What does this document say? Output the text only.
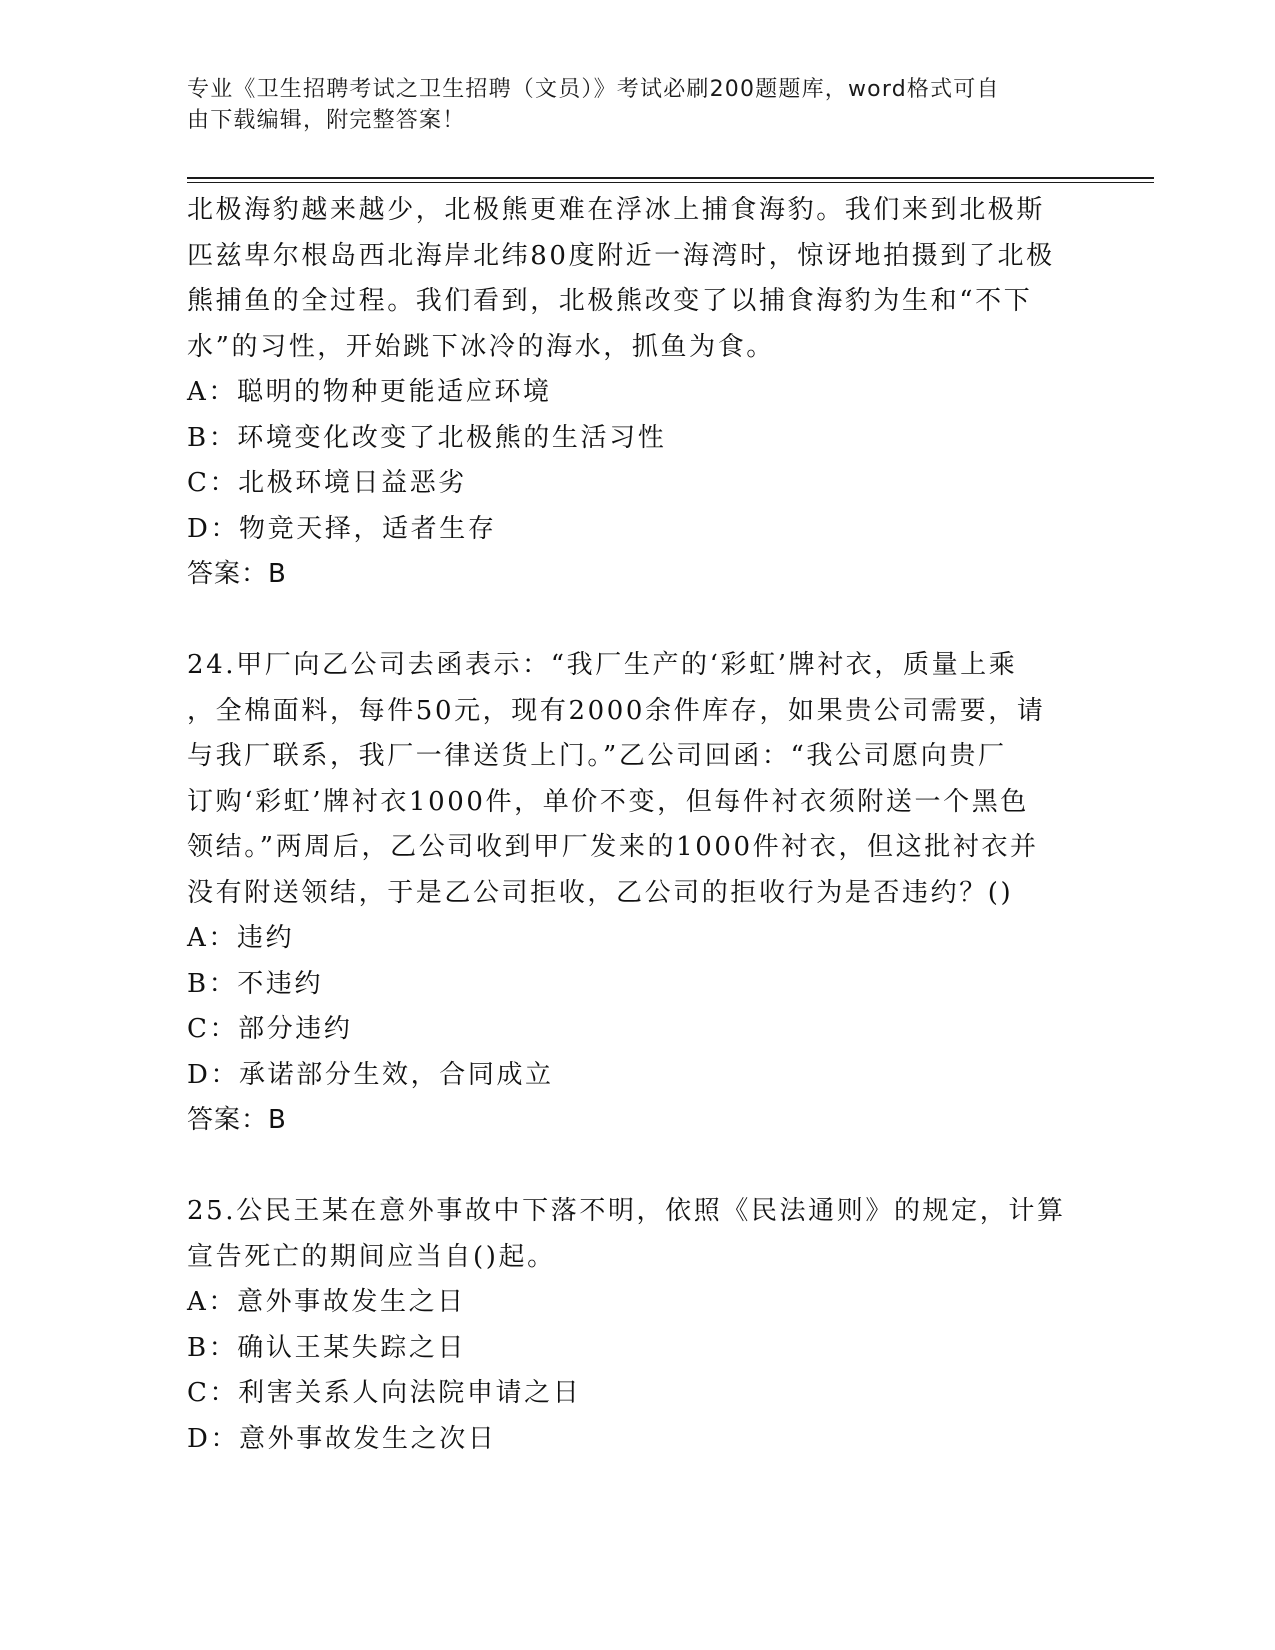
专业《卫生招聘考试之卫生招聘（文员）》考试必刷200题题库，word格式可自
由下载编辑，附完整答案！
北极海豹越来越少，北极熊更难在浮冰上捕食海豹。我们来到北极斯
匹兹卑尔根岛西北海岸北纬80度附近一海湾时，惊讶地拍摄到了北极
熊捕鱼的全过程。我们看到，北极熊改变了以捕食海豹为生和“不下
水”的习性，开始跳下冰冷的海水，抓鱼为食。
A：聪明的物种更能适应环境
B：环境变化改变了北极熊的生活习性
C：北极环境日益恶劣
D：物竞天择，适者生存
答案：B
24.甲厂向乙公司去函表示：“我厂生产的‘彩虹’牌衬衣，质量上乘
，全棉面料，每件50元，现有2000余件库存，如果贵公司需要，请
与我厂联系，我厂一律送货上门。”乙公司回函：“我公司愿向贵厂
订购‘彩虹’牌衬衣1000件，单价不变，但每件衬衣须附送一个黑色
领结。”两周后，乙公司收到甲厂发来的1000件衬衣，但这批衬衣并
没有附送领结，于是乙公司拒收，乙公司的拒收行为是否违约？()
A：违约
B：不违约
C：部分违约
D：承诺部分生效，合同成立
答案：B
25.公民王某在意外事故中下落不明，依照《民法通则》的规定，计算
宣告死亡的期间应当自()起。
A：意外事故发生之日
B：确认王某失踪之日
C：利害关系人向法院申请之日
D：意外事故发生之次日
